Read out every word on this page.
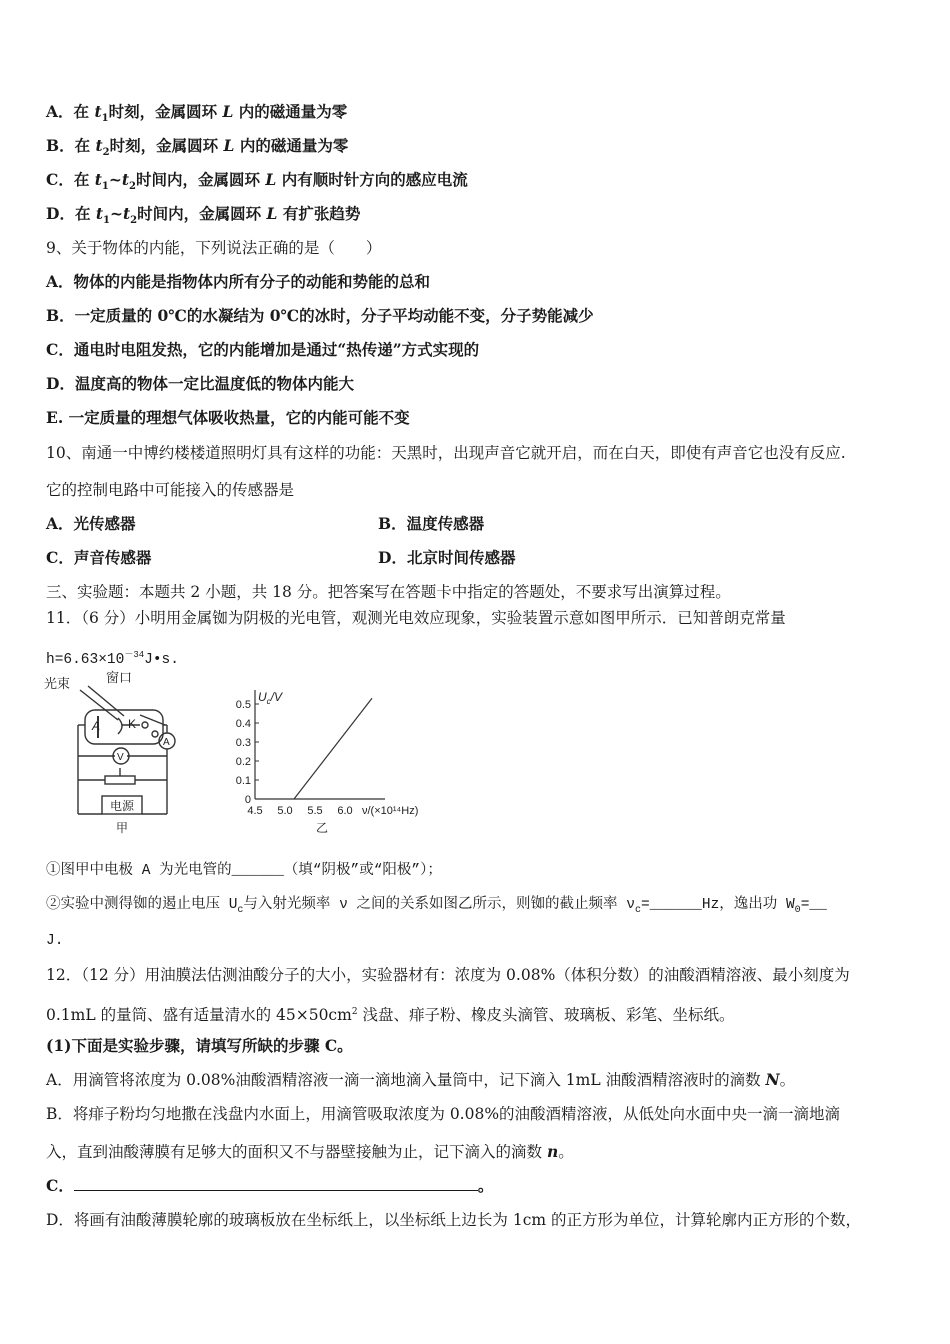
A．在 $t_1$时刻，金属圆环 L 内的磁通量为零
B．在 $t_2$时刻，金属圆环 L 内的磁通量为零
C．在 $t_1\sim t_2$时间内，金属圆环 L 内有顺时针方向的感应电流
D．在 $t_1\sim t_2$时间内，金属圆环 L 有扩张趋势
9、关于物体的内能，下列说法正确的是（　　）
A．物体的内能是指物体内所有分子的动能和势能的总和
B．一定质量的 0℃的水凝结为 0℃的冰时，分子平均动能不变，分子势能减少
C．通电时电阻发热，它的内能增加是通过“热传递”方式实现的
D．温度高的物体一定比温度低的物体内能大
E. 一定质量的理想气体吸收热量，它的内能可能不变
10、南通一中博约楼楼道照明灯具有这样的功能：天黑时，出现声音它就开启，而在白天，即使有声音它也没有反应.
它的控制电路中可能接入的传感器是
A．光传感器	B．温度传感器
C．声音传感器	D．北京时间传感器
三、实验题：本题共 2 小题，共 18 分。把答案写在答题卡中指定的答题处，不要求写出演算过程。
11．（6 分）小明用金属铷为阴极的光电管，观测光电效应现象，实验装置示意如图甲所示．已知普朗克常量
$h=6.63\times 10^{-34}J•s$.
光束	窗口
A K
A
V
电源
甲
$U_c/V$
ν/(×10¹⁴Hz)
乙
0
0.1
0.2
0.3
0.4
0.5
4.5 5.0 5.5 6.0
①图甲中电极 A 为光电管的______（填“阴极”或“阳极”）；
②实验中测得铷的遏止电压 $U_c$与入射光频率 ν 之间的关系如图乙所示，则铷的截止频率 $\nu_c=\_\_\_\_\_\_Hz$，逸出功 $W_0=\_\_$
J.
12．（12 分）用油膜法估测油酸分子的大小，实验器材有：浓度为 0.08%（体积分数）的油酸酒精溶液、最小刻度为
0.1mL 的量筒、盛有适量清水的 $45\times 50cm^2$ 浅盘、痱子粉、橡皮头滴管、玻璃板、彩笔、坐标纸。
(1)下面是实验步骤，请填写所缺的步骤 C。
A．用滴管将浓度为 0.08%油酸酒精溶液一滴一滴地滴入量筒中，记下滴入 1mL 油酸酒精溶液时的滴数 N。
B．将痱子粉均匀地撒在浅盘内水面上，用滴管吸取浓度为 0.08%的油酸酒精溶液，从低处向水面中央一滴一滴地滴
入，直到油酸薄膜有足够大的面积又不与器壁接触为止，记下滴入的滴数 n。
C．	。
D．将画有油酸薄膜轮廓的玻璃板放在坐标纸上，以坐标纸上边长为 1cm 的正方形为单位，计算轮廓内正方形的个数，
